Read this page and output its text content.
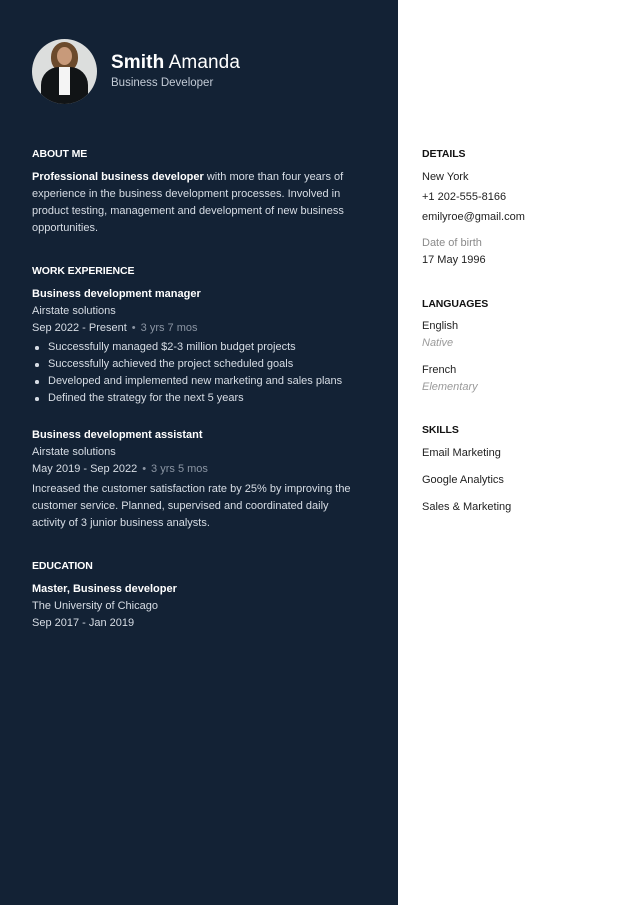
Smith Amanda
Business Developer
ABOUT ME
Professional business developer with more than four years of
experience in the business development processes. Involved in
product testing, management and development of new business
opportunities.
WORK EXPERIENCE
Business development manager
Airstate solutions
Sep 2022 - Present • 3 yrs 7 mos
Successfully managed $2-3 million budget projects
Successfully achieved the project scheduled goals
Developed and implemented new marketing and sales plans
Defined the strategy for the next 5 years
Business development assistant
Airstate solutions
May 2019 - Sep 2022 • 3 yrs 5 mos
Increased the customer satisfaction rate by 25% by improving the
customer service. Planned, supervised and coordinated daily
activity of 3 junior business analysts.
EDUCATION
Master, Business developer
The University of Chicago
Sep 2017 - Jan 2019
DETAILS
New York
+1 202-555-8166
emilyroe@gmail.com
Date of birth
17 May 1996
LANGUAGES
English
Native
French
Elementary
SKILLS
Email Marketing
Google Analytics
Sales & Marketing
